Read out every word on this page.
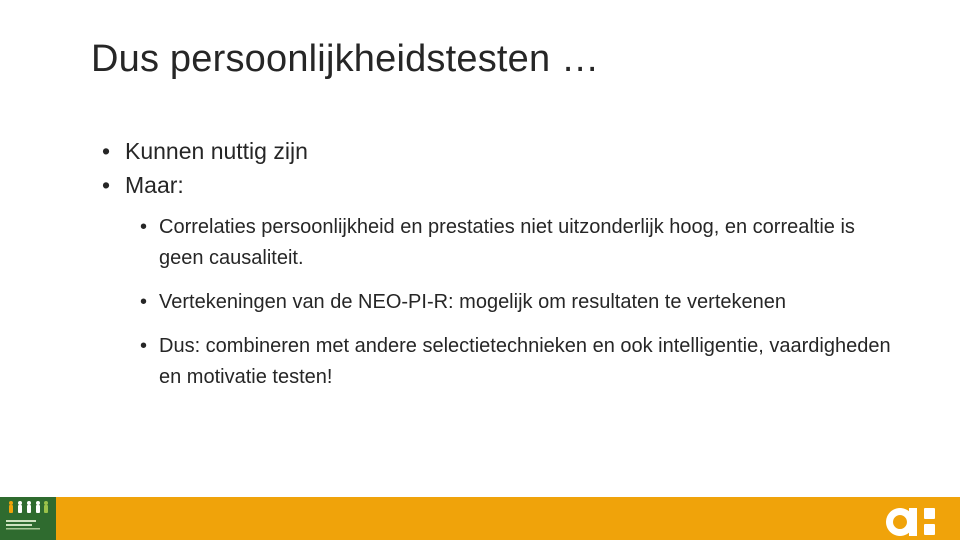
Dus persoonlijkheidstesten …
• Kunnen nuttig zijn
• Maar:
• Correlaties persoonlijkheid en prestaties niet uitzonderlijk hoog, en correaltie is geen causaliteit.
• Vertekeningen van de NEO-PI-R: mogelijk om resultaten te vertekenen
• Dus: combineren met andere selectietechnieken en ook intelligentie, vaardigheden en motivatie testen!
